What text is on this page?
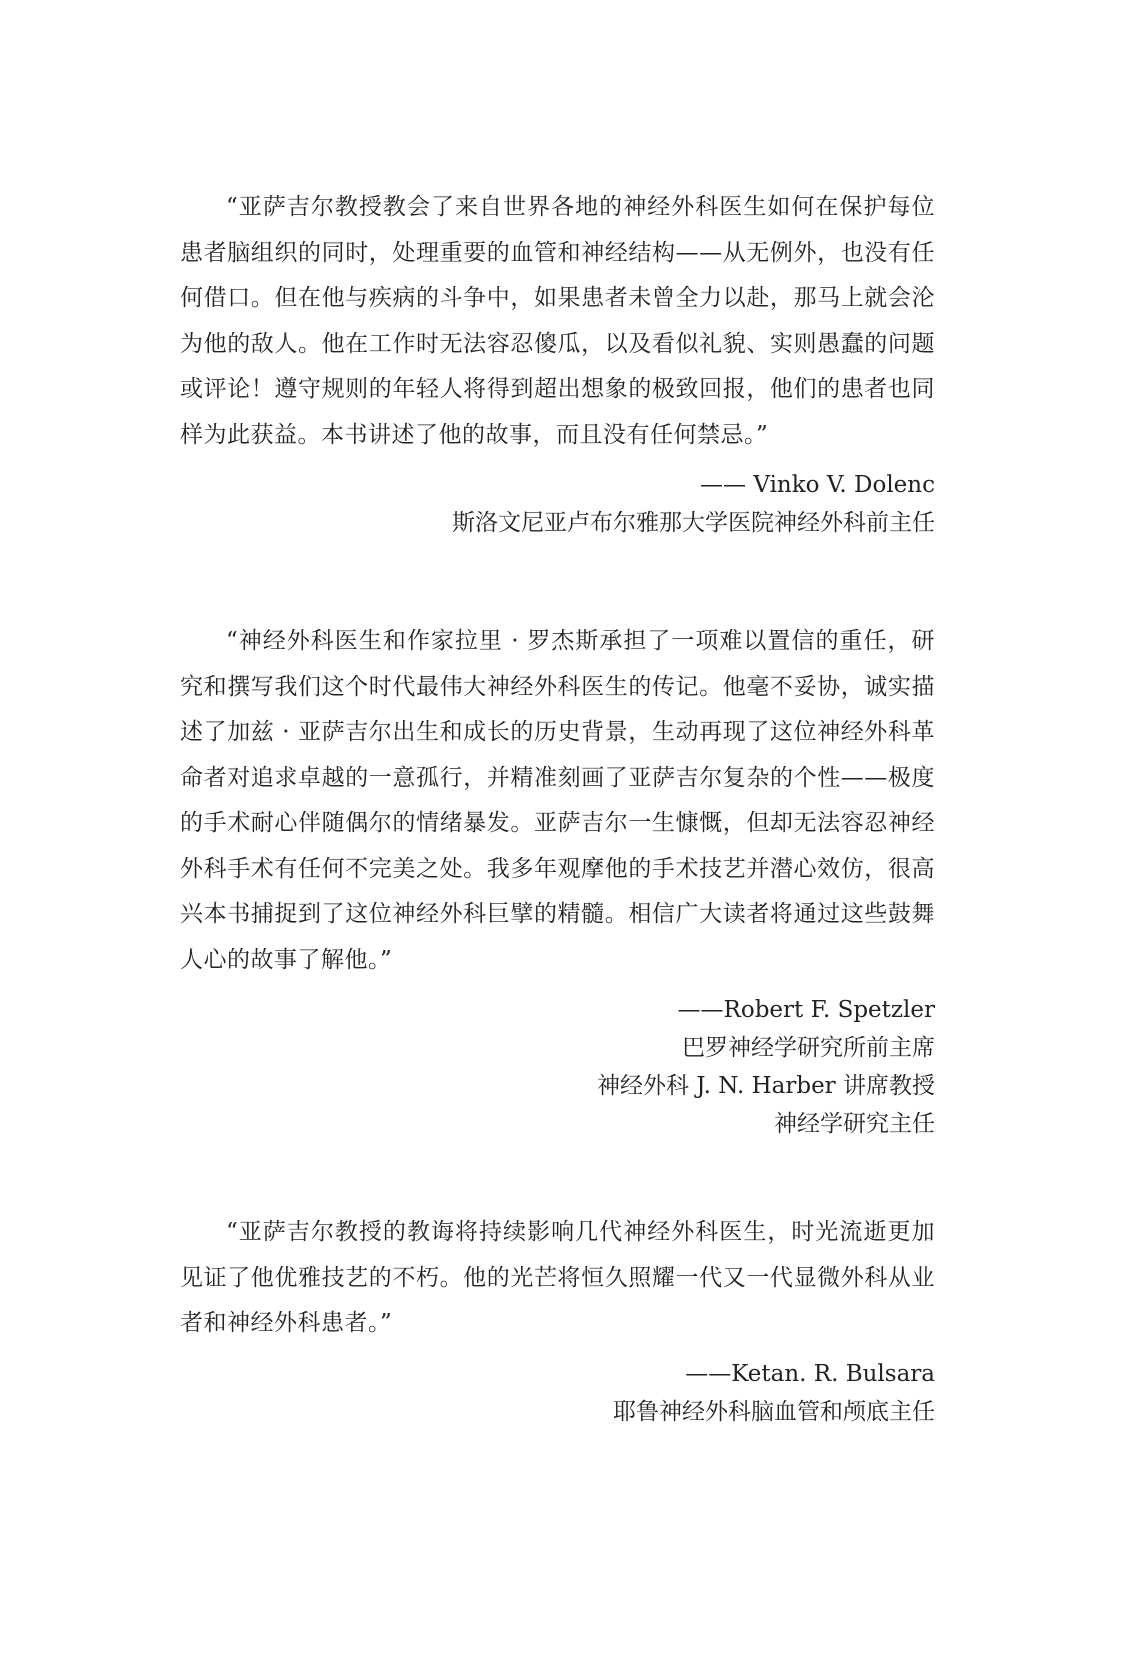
“亚萨吉尔教授教会了来自世界各地的神经外科医生如何在保护每位患者脑组织的同时，处理重要的血管和神经结构——从无例外，也没有任何借口。但在他与疾病的斗争中，如果患者未曾全力以赴，那马上就会沦为他的敌人。他在工作时无法容忍傻瓜，以及看似礼貌、实则愚蠢的问题或评论！遵守规则的年轻人将得到超出想象的极致回报，他们的患者也同样为此获益。本书讲述了他的故事，而且没有任何禁忌。”

—— Vinko V. Dolenc

斯洛文尼亚卢布尔雅那大学医院神经外科前主任

“神经外科医生和作家拉里 · 罗杰斯承担了一项难以置信的重任，研究和撰写我们这个时代最伟大神经外科医生的传记。他毫不妥协，诚实描述了加兹 · 亚萨吉尔出生和成长的历史背景，生动再现了这位神经外科革命者对追求卓越的一意孤行，并精准刻画了亚萨吉尔复杂的个性——极度的手术耐心伴随偶尔的情绪暴发。亚萨吉尔一生慷慨，但却无法容忍神经外科手术有任何不完美之处。我多年观摩他的手术技艺并潜心效仿，很高兴本书捕捉到了这位神经外科巨擘的精髓。相信广大读者将通过这些鼓舞人心的故事了解他。”

——Robert F. Spetzler

巴罗神经学研究所前主席

神经外科 J. N. Harber 讲席教授

神经学研究主任

“亚萨吉尔教授的教诲将持续影响几代神经外科医生，时光流逝更加见证了他优雅技艺的不朽。他的光芒将恒久照耀一代又一代显微外科从业者和神经外科患者。”

——Ketan. R. Bulsara

耶鲁神经外科脑血管和颅底主任
